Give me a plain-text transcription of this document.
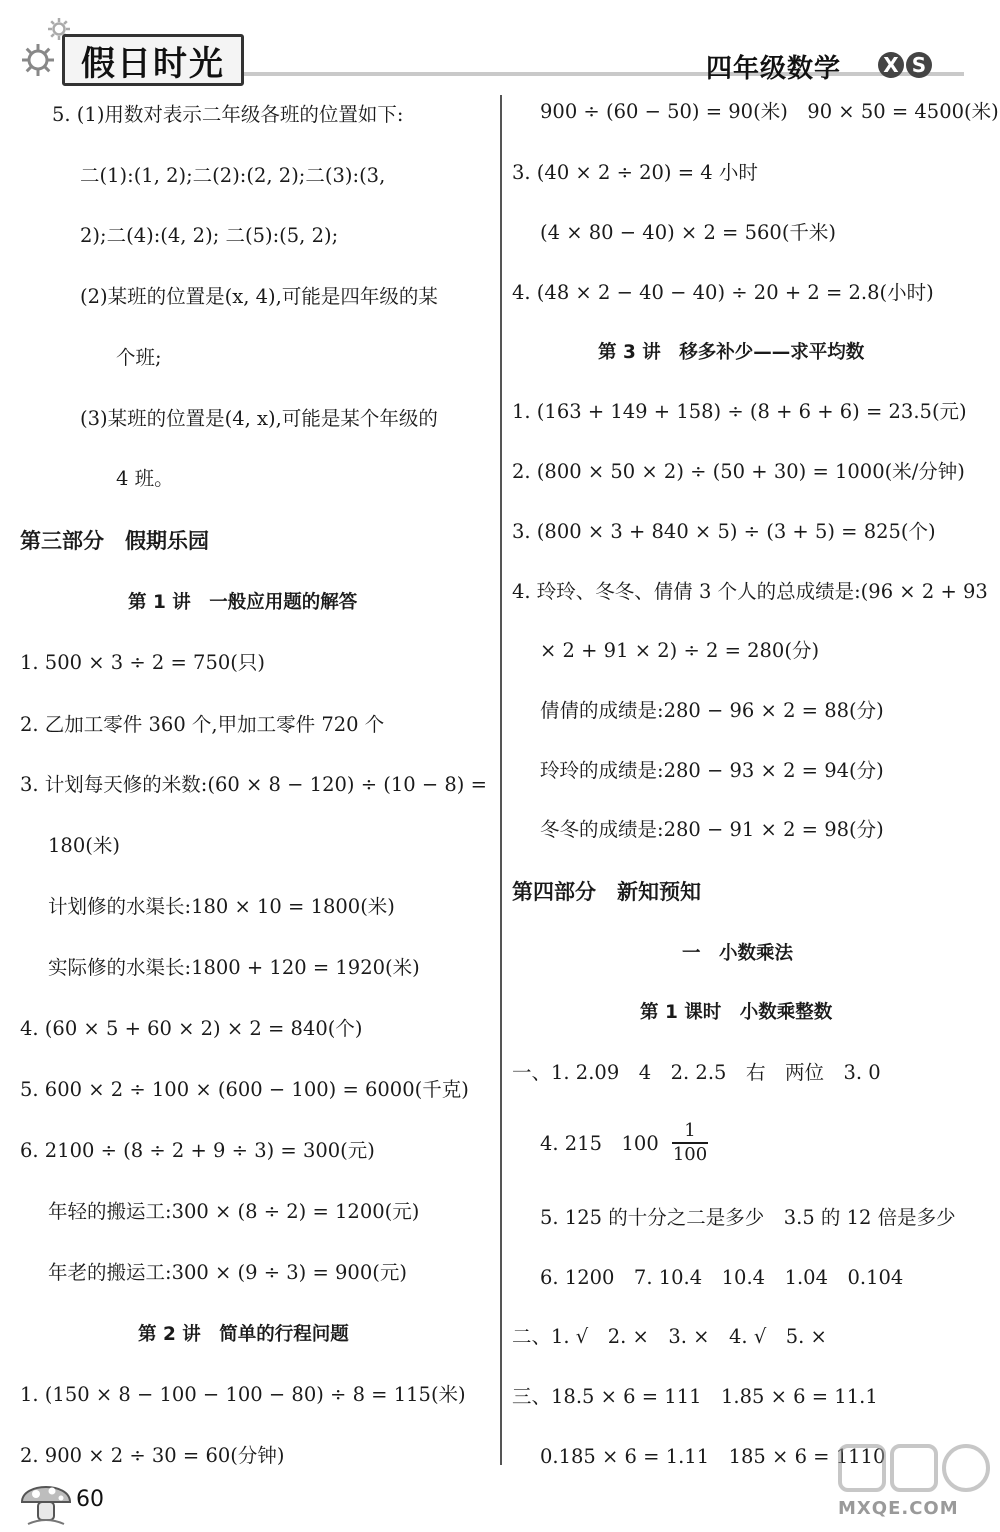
假日时光	四年级数学 X S
5. (1)用数对表示二年级各班的位置如下:
二(1):(1, 2);二(2):(2, 2);二(3):(3,
2);二(4):(4, 2); 二(5):(5, 2);
(2)某班的位置是(x, 4),可能是四年级的某
个班;
(3)某班的位置是(4, x),可能是某个年级的
4 班。
第三部分　假期乐园
第 1 讲　一般应用题的解答
1. 500 × 3 ÷ 2 = 750(只)
2. 乙加工零件 360 个,甲加工零件 720 个
3. 计划每天修的米数:(60 × 8 − 120) ÷ (10 − 8) =
180(米)
计划修的水渠长:180 × 10 = 1800(米)
实际修的水渠长:1800 + 120 = 1920(米)
4. (60 × 5 + 60 × 2) × 2 = 840(个)
5. 600 × 2 ÷ 100 × (600 − 100) = 6000(千克)
6. 2100 ÷ (8 ÷ 2 + 9 ÷ 3) = 300(元)
年轻的搬运工:300 × (8 ÷ 2) = 1200(元)
年老的搬运工:300 × (9 ÷ 3) = 900(元)
第 2 讲　简单的行程问题
1. (150 × 8 − 100 − 100 − 80) ÷ 8 = 115(米)
2. 900 × 2 ÷ 30 = 60(分钟)
900 ÷ (60 − 50) = 90(米)　90 × 50 = 4500(米)
3. (40 × 2 ÷ 20) = 4 小时
(4 × 80 − 40) × 2 = 560(千米)
4. (48 × 2 − 40 − 40) ÷ 20 + 2 = 2.8(小时)
第 3 讲　移多补少——求平均数
1. (163 + 149 + 158) ÷ (8 + 6 + 6) = 23.5(元)
2. (800 × 50 × 2) ÷ (50 + 30) = 1000(米/分钟)
3. (800 × 3 + 840 × 5) ÷ (3 + 5) = 825(个)
4. 玲玲、冬冬、倩倩 3 个人的总成绩是:(96 × 2 + 93
× 2 + 91 × 2) ÷ 2 = 280(分)
倩倩的成绩是:280 − 96 × 2 = 88(分)
玲玲的成绩是:280 − 93 × 2 = 94(分)
冬冬的成绩是:280 − 91 × 2 = 98(分)
第四部分　新知预知
一　小数乘法
第 1 课时　小数乘整数
一、1. 2.09　4　2. 2.5　右　两位　3. 0
4. 215　100
1
100
5. 125 的十分之二是多少　3.5 的 12 倍是多少
6. 1200　7. 10.4　10.4　1.04　0.104
二、1. √　2. ×　3. ×　4. √　5. ×
三、18.5 × 6 = 111　1.85 × 6 = 11.1
0.185 × 6 = 1.11　185 × 6 = 1110
60	MXQE.COM
